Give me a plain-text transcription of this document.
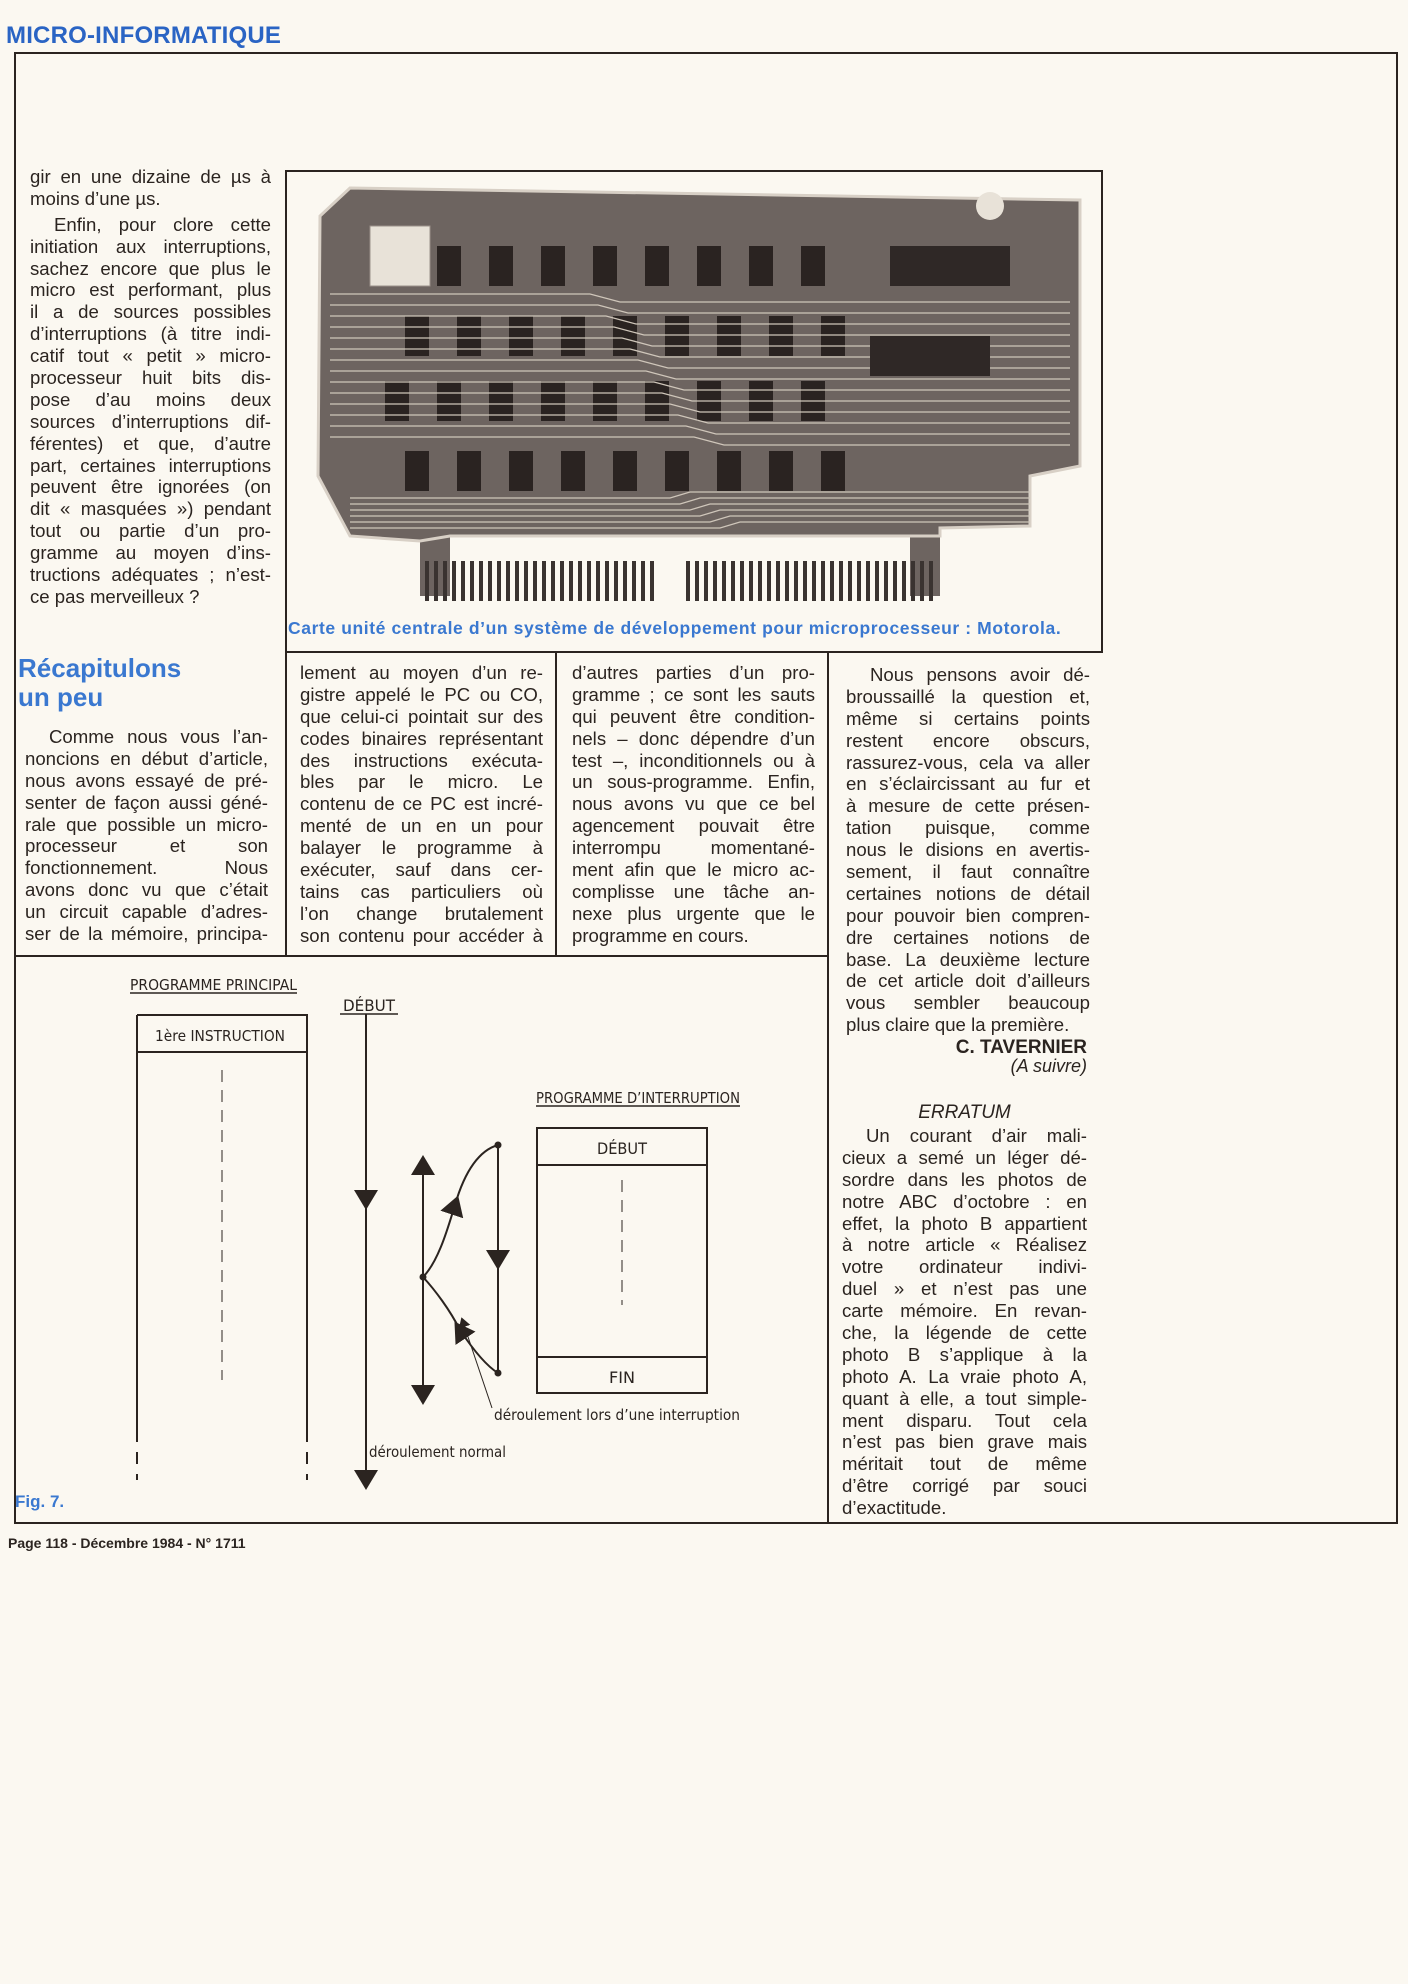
MICRO-INFORMATIQUE
Carte unité centrale d’un système de développement pour microprocesseur : Motorola.
gir en une dizaine de µs à
moins d’une µs.
Enfin, pour clore cette
initiation aux interruptions,
sachez encore que plus le
micro est performant, plus
il a de sources possibles
d’interruptions (à titre indi-
catif tout « petit » micro-
processeur huit bits dis-
pose d’au moins deux
sources d’interruptions dif-
férentes) et que, d’autre
part, certaines interruptions
peuvent être ignorées (on
dit « masquées ») pendant
tout ou partie d’un pro-
gramme au moyen d’ins-
tructions adéquates ; n’est-
ce pas merveilleux ?
Récapitulons
un peu
Comme nous vous l’an-
noncions en début d’article,
nous avons essayé de pré-
senter de façon aussi géné-
rale que possible un micro-
processeur et son
fonctionnement. Nous
avons donc vu que c’était
un circuit capable d’adres-
ser de la mémoire, principa-
lement au moyen d’un re-
gistre appelé le PC ou CO,
que celui-ci pointait sur des
codes binaires représentant
des instructions exécuta-
bles par le micro. Le
contenu de ce PC est incré-
menté de un en un pour
balayer le programme à
exécuter, sauf dans cer-
tains cas particuliers où
l’on change brutalement
son contenu pour accéder à
d’autres parties d’un pro-
gramme ; ce sont les sauts
qui peuvent être condition-
nels – donc dépendre d’un
test –, inconditionnels ou à
un sous-programme. Enfin,
nous avons vu que ce bel
agencement pouvait être
interrompu momentané-
ment afin que le micro ac-
complisse une tâche an-
nexe plus urgente que le
programme en cours.
Nous pensons avoir dé-
broussaillé la question et,
même si certains points
restent encore obscurs,
rassurez-vous, cela va aller
en s’éclaircissant au fur et
à mesure de cette présen-
tation puisque, comme
nous le disions en avertis-
sement, il faut connaître
certaines notions de détail
pour pouvoir bien compren-
dre certaines notions de
base. La deuxième lecture
de cet article doit d’ailleurs
vous sembler beaucoup
plus claire que la première.
C. TAVERNIER
(A suivre)
ERRATUM
Un courant d’air mali-
cieux a semé un léger dé-
sordre dans les photos de
notre ABC d’octobre : en
effet, la photo B appartient
à notre article « Réalisez
votre ordinateur indivi-
duel » et n’est pas une
carte mémoire. En revan-
che, la légende de cette
photo B s’applique à la
photo A. La vraie photo A,
quant à elle, a tout simple-
ment disparu. Tout cela
n’est pas bien grave mais
méritait tout de même
d’être corrigé par souci
d’exactitude.
PROGRAMME PRINCIPAL
1ère INSTRUCTION
DÉBUT
déroulement normal
PROGRAMME D’INTERRUPTION
DÉBUT
FIN
déroulement lors d’une interruption
Fig. 7.
Page 118 - Décembre 1984 - N° 1711
